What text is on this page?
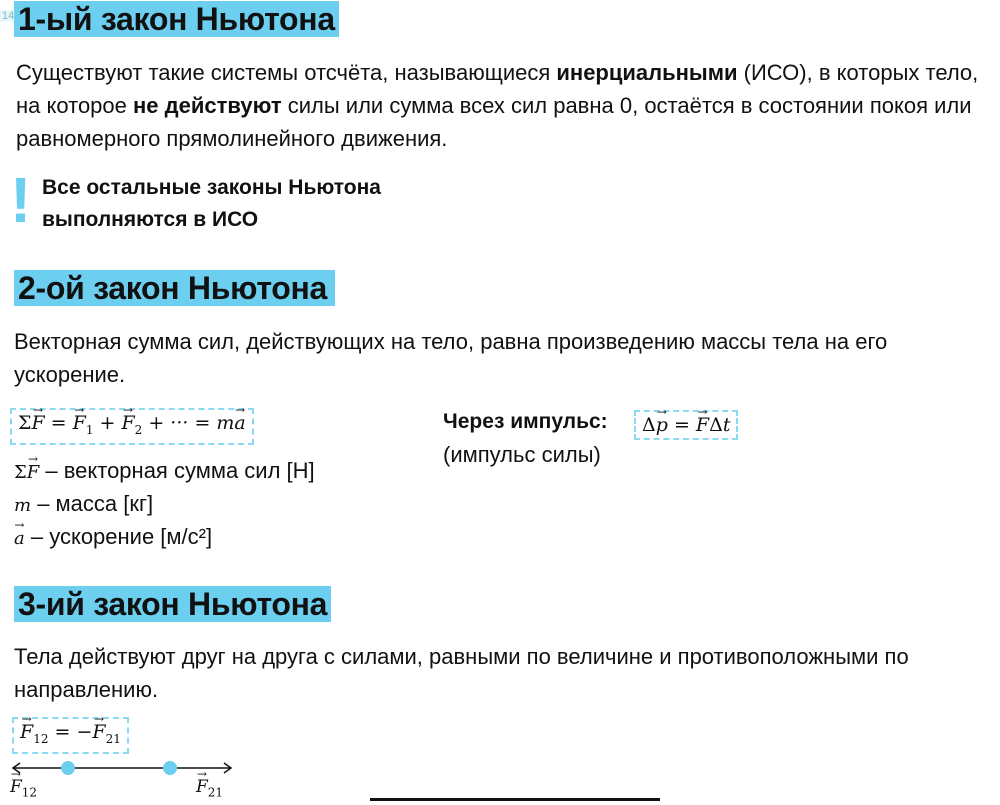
14 1-ый закон Ньютона
Существуют такие системы отсчёта, называющиеся инерциальными (ИСО), в которых тело, на которое не действуют силы или сумма всех сил равна 0, остаётся в состоянии покоя или равномерного прямолинейного движения.
! Все остальные законы Ньютона
выполняются в ИСО
2-ой закон Ньютона
Векторная сумма сил, действующих на тело, равна произведению массы тела на его ускорение.
Σ→ F = → $F_1$ + → $F_2$ + ··· = m→ a
Σ→ F – векторная сумма сил [Н]
m – масса [кг]
→ a – ускорение [м/с²]
Через импульс:	Δ→ p = → FΔt
(импульс силы)
3-ий закон Ньютона
Тела действуют друг на друга с силами, равными по величине и противоположными по направлению.
→ $F_{12}$ = −→ $F_{21}$
→ $F_{12}$
→	$F_{21}$
